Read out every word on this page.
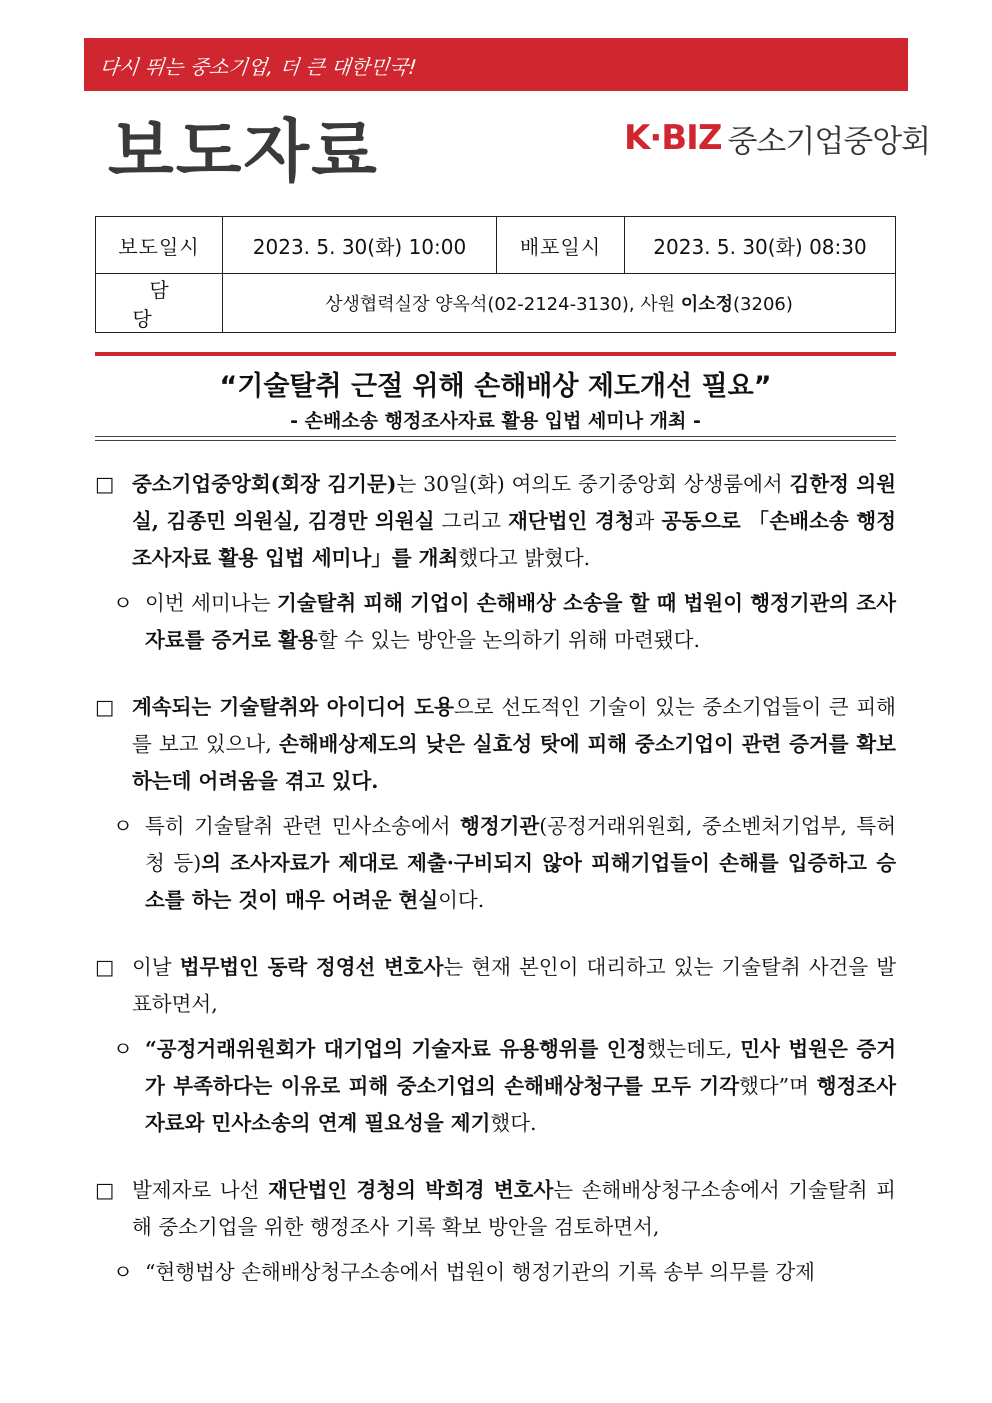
다시 뛰는 중소기업, 더 큰 대한민국!
보도자료	K·BIZ 중소기업중앙회
보도일시	2023. 5. 30(화) 10:00	배포일시	2023. 5. 30(화) 08:30
담당	상생협력실장 양옥석(02-2124-3130), 사원 이소정(3206)		
“기술탈취 근절 위해 손해배상 제도개선 필요”
- 손배소송 행정조사자료 활용 입법 세미나 개최 -
□ 중소기업중앙회(회장 김기문)는 30일(화) 여의도 중기중앙회 상생룸에서 김한정 의원실, 김종민 의원실, 김경만 의원실 그리고 재단법인 경청과 공동으로 「손배소송 행정조사자료 활용 입법 세미나」를 개최했다고 밝혔다.
ㅇ 이번 세미나는 기술탈취 피해 기업이 손해배상 소송을 할 때 법원이 행정기관의 조사자료를 증거로 활용할 수 있는 방안을 논의하기 위해 마련됐다.
□ 계속되는 기술탈취와 아이디어 도용으로 선도적인 기술이 있는 중소기업들이 큰 피해를 보고 있으나, 손해배상제도의 낮은 실효성 탓에 피해 중소기업이 관련 증거를 확보하는데 어려움을 겪고 있다.
ㅇ 특히 기술탈취 관련 민사소송에서 행정기관(공정거래위원회, 중소벤처기업부, 특허청 등)의 조사자료가 제대로 제출·구비되지 않아 피해기업들이 손해를 입증하고 승소를 하는 것이 매우 어려운 현실이다.
□ 이날 법무법인 동락 정영선 변호사는 현재 본인이 대리하고 있는 기술탈취 사건을 발표하면서,
ㅇ “공정거래위원회가 대기업의 기술자료 유용행위를 인정했는데도, 민사 법원은 증거가 부족하다는 이유로 피해 중소기업의 손해배상청구를 모두 기각했다”며 행정조사 자료와 민사소송의 연계 필요성을 제기했다.
□ 발제자로 나선 재단법인 경청의 박희경 변호사는 손해배상청구소송에서 기술탈취 피해 중소기업을 위한 행정조사 기록 확보 방안을 검토하면서,
ㅇ “현행법상 손해배상청구소송에서 법원이 행정기관의 기록 송부 의무를 강제
